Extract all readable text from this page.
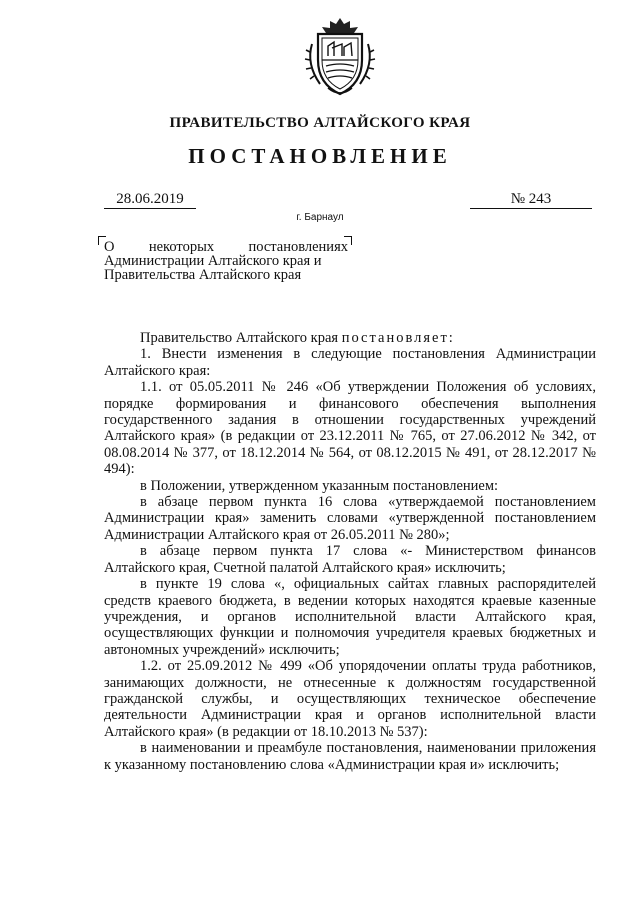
ПРАВИТЕЛЬСТВО АЛТАЙСКОГО КРАЯ
ПОСТАНОВЛЕНИЕ
28.06.2019	№ 243
г. Барнаул
О некоторых постановлениях
Администрации Алтайского края и Правительства Алтайского края

Правительство Алтайского края постановляет:

1. Внести изменения в следующие постановления Администрации Алтайского края:

1.1. от 05.05.2011 № 246 «Об утверждении Положения об условиях, порядке формирования и финансового обеспечения выполнения государственного задания в отношении государственных учреждений Алтайского края» (в редакции от 23.12.2011 № 765, от 27.06.2012 № 342, от 08.08.2014 № 377, от 18.12.2014 № 564, от 08.12.2015 № 491, от 28.12.2017 № 494):

в Положении, утвержденном указанным постановлением:

в абзаце первом пункта 16 слова «утверждаемой постановлением Администрации края» заменить словами «утвержденной постановлением Администрации Алтайского края от 26.05.2011 № 280»;

в абзаце первом пункта 17 слова «- Министерством финансов Алтайского края, Счетной палатой Алтайского края» исключить;

в пункте 19 слова «, официальных сайтах главных распорядителей средств краевого бюджета, в ведении которых находятся краевые казенные учреждения, и органов исполнительной власти Алтайского края, осуществляющих функции и полномочия учредителя краевых бюджетных и автономных учреждений» исключить;

1.2. от 25.09.2012 № 499 «Об упорядочении оплаты труда работников, занимающих должности, не отнесенные к должностям государственной гражданской службы, и осуществляющих техническое обеспечение деятельности Администрации края и органов исполнительной власти Алтайского края» (в редакции от 18.10.2013 № 537):

в наименовании и преамбуле постановления, наименовании приложения к указанному постановлению слова «Администрации края и» исключить;
